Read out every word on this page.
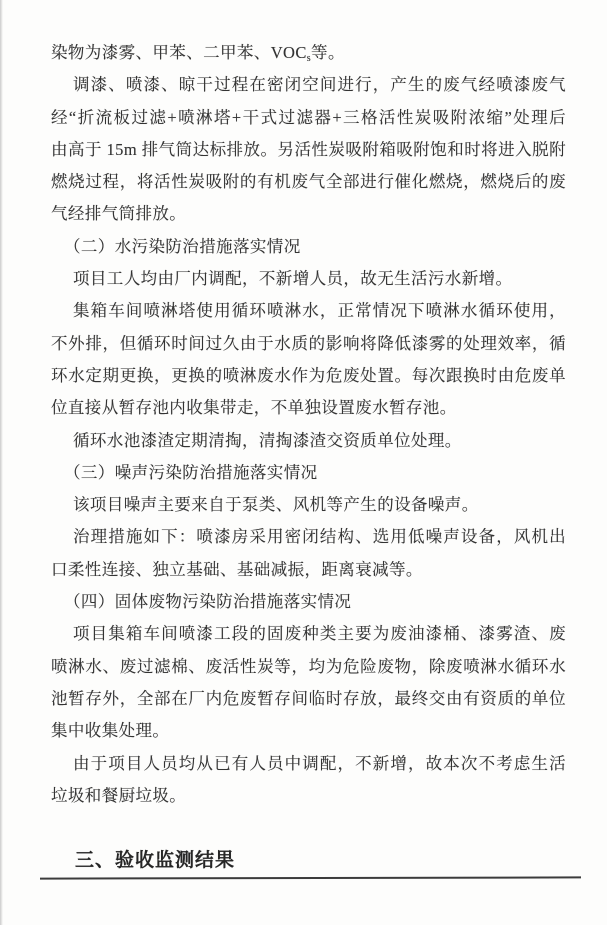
染物为漆雾、甲苯、二甲苯、$VOC_s$等。
调漆、喷漆、晾干过程在密闭空间进行，产生的废气经喷漆废气
经“折流板过滤+喷淋塔+干式过滤器+三格活性炭吸附浓缩”处理后
由高于 15m 排气筒达标排放。另活性炭吸附箱吸附饱和时将进入脱附
燃烧过程，将活性炭吸附的有机废气全部进行催化燃烧，燃烧后的废
气经排气筒排放。
（二）水污染防治措施落实情况
项目工人均由厂内调配，不新增人员，故无生活污水新增。
集箱车间喷淋塔使用循环喷淋水，正常情况下喷淋水循环使用，
不外排，但循环时间过久由于水质的影响将降低漆雾的处理效率，循
环水定期更换，更换的喷淋废水作为危废处置。每次跟换时由危废单
位直接从暂存池内收集带走，不单独设置废水暂存池。
循环水池漆渣定期清掏，清掏漆渣交资质单位处理。
（三）噪声污染防治措施落实情况
该项目噪声主要来自于泵类、风机等产生的设备噪声。
治理措施如下：喷漆房采用密闭结构、选用低噪声设备，风机出
口柔性连接、独立基础、基础减振，距离衰减等。
（四）固体废物污染防治措施落实情况
项目集箱车间喷漆工段的固废种类主要为废油漆桶、漆雾渣、废
喷淋水、废过滤棉、废活性炭等，均为危险废物，除废喷淋水循环水
池暂存外，全部在厂内危废暂存间临时存放，最终交由有资质的单位
集中收集处理。
由于项目人员均从已有人员中调配，不新增，故本次不考虑生活
垃圾和餐厨垃圾。
三、验收监测结果
